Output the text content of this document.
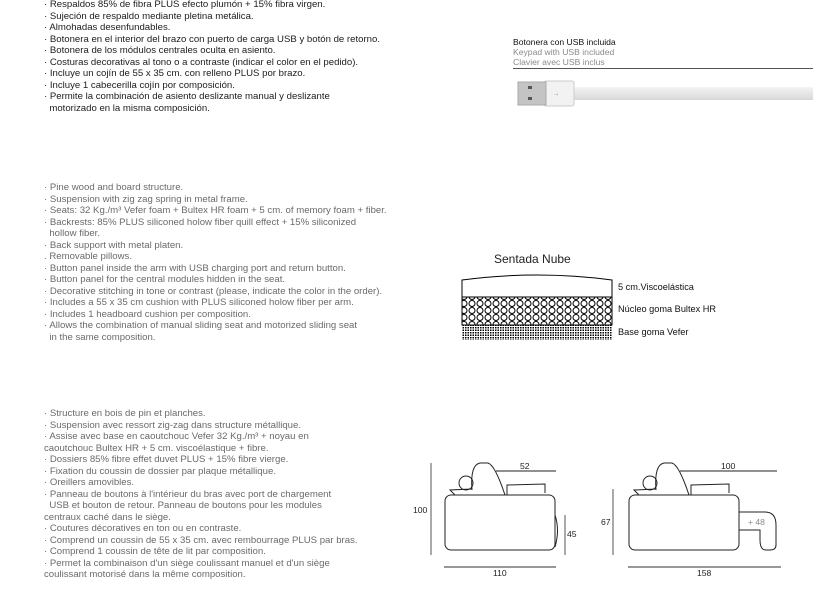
· Respaldos 85% de fibra PLUS efecto plumón + 15% fibra virgen.
· Sujeción de respaldo mediante pletina metálica.
· Almohadas desenfundables.
· Botonera en el interior del brazo con puerto de carga USB y botón de retorno.
· Botonera de los módulos centrales oculta en asiento.
· Costuras decorativas al tono o a contraste (indicar el color en el pedido).
· Incluye un cojín de 55 x 35 cm. con relleno PLUS por brazo.
· Incluye 1 cabecerilla cojín por composición.
· Permite la combinación de asiento deslizante manual y deslizante
motorizado en la misma composición.
· Pine wood and board structure.
· Suspension with zig zag spring in metal frame.
· Seats: 32 Kg./m³ Vefer foam + Bultex HR foam + 5 cm. of memory foam + fiber.
· Backrests: 85% PLUS siliconed holow fiber quill effect + 15% siliconized
hollow fiber.
· Back support with metal platen.
. Removable pillows.
· Button panel inside the arm with USB charging port and return button.
· Button panel for the central modules hidden in the seat.
· Decorative stitching in tone or contrast (please, indicate the color in the order).
· Includes a 55 x 35 cm cushion with PLUS siliconed holow fiber per arm.
· Includes 1 headboard cushion per composition.
· Allows the combination of manual sliding seat and motorized sliding seat
in the same composition.
· Structure en bois de pin et planches.
· Suspension avec ressort zig-zag dans structure métallique.
· Assise avec base en caoutchouc Vefer 32 Kg./m³ + noyau en
caoutchouc Bultex HR + 5 cm. viscoélastique + fibre.
· Dossiers 85% fibre effet duvet PLUS + 15% fibre vierge.
· Fixation du coussin de dossier par plaque métallique.
· Oreillers amovibles.
· Panneau de boutons à l'intérieur du bras avec port de chargement
USB et bouton de retour. Panneau de boutons pour les modules
centraux caché dans le siège.
· Coutures décoratives en ton ou en contraste.
· Comprend un coussin de 55 x 35 cm. avec rembourrage PLUS par bras.
· Comprend 1 coussin de tête de lit par composition.
· Permet la combinaison d'un siège coulissant manuel et d'un siège
coulissant motorisé dans la même composition.
Botonera con USB incluida
Keypad with USB included
Clavier avec USB inclus
⇢
Sentada Nube
5 cm.Viscoelástica
Núcleo goma Bultex HR
Base goma Vefer
100
52
45
110
67
100
+ 48
158
